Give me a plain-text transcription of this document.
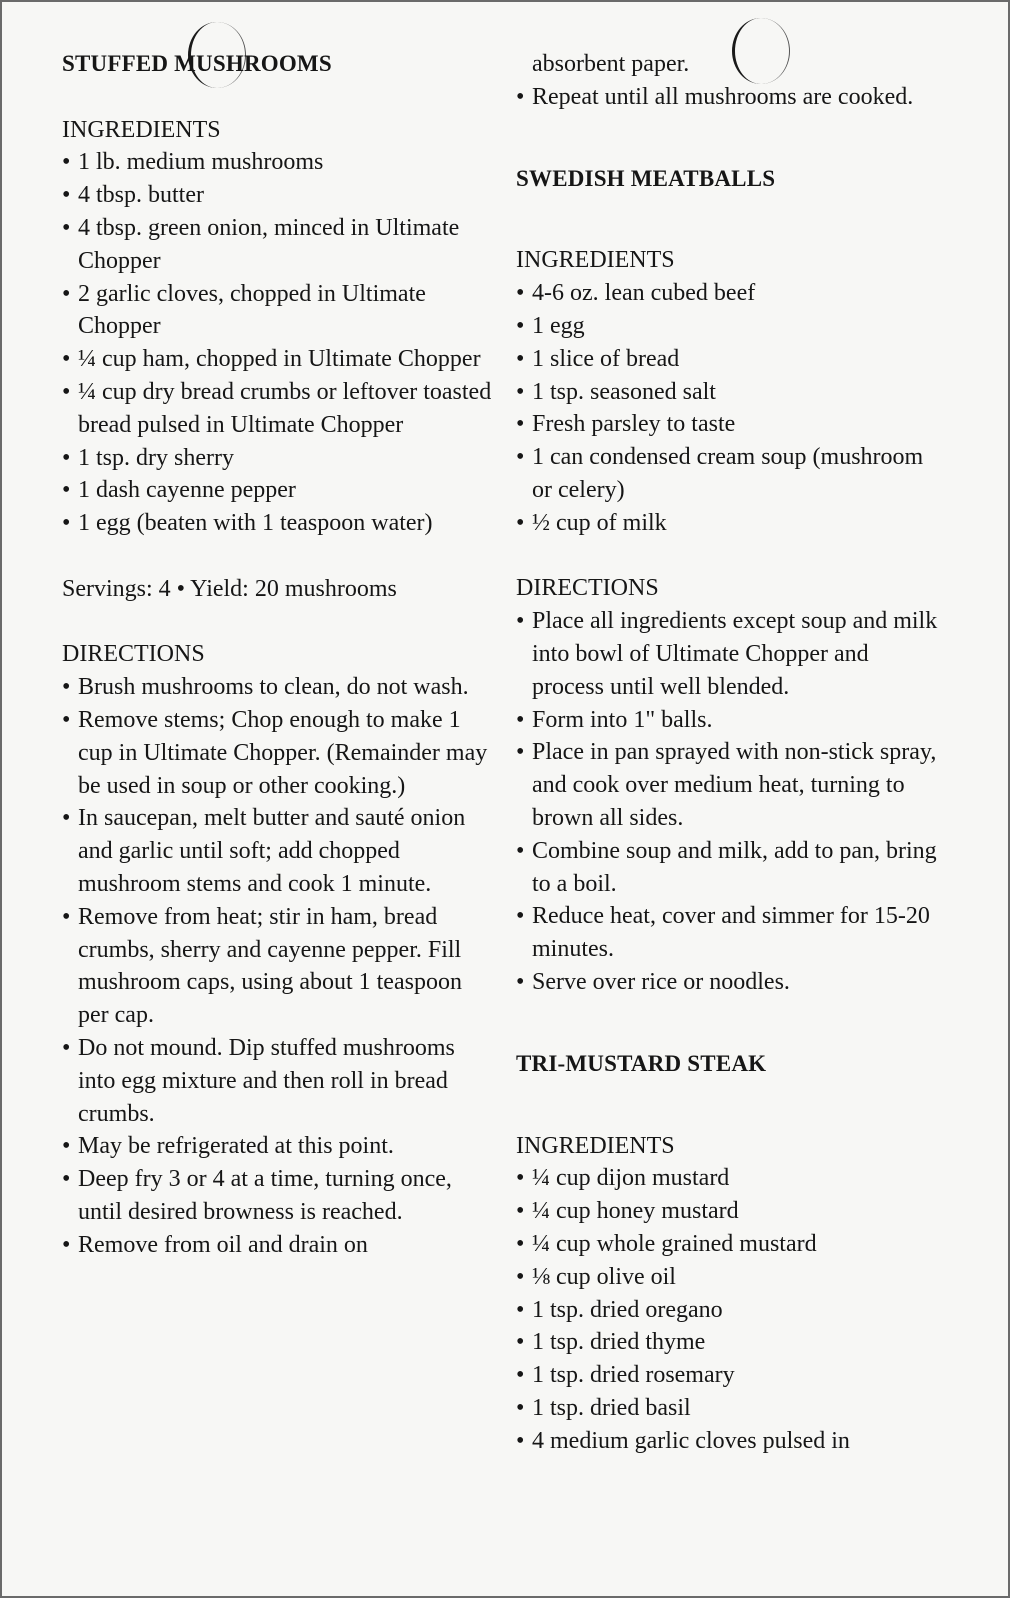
STUFFED MUSHROOMS

INGREDIENTS

• 1 lb. medium mushrooms
• 4 tbsp. butter
• 4 tbsp. green onion, minced in Ultimate Chopper
• 2 garlic cloves, chopped in Ultimate Chopper
• ¼ cup ham, chopped in Ultimate Chopper
• ¼ cup dry bread crumbs or leftover toasted bread pulsed in Ultimate Chopper
• 1 tsp. dry sherry
• 1 dash cayenne pepper
• 1 egg (beaten with 1 teaspoon water)

Servings: 4 • Yield: 20 mushrooms

DIRECTIONS

• Brush mushrooms to clean, do not wash.
• Remove stems; Chop enough to make 1 cup in Ultimate Chopper. (Remainder may be used in soup or other cooking.)
• In saucepan, melt butter and sauté onion and garlic until soft; add chopped mushroom stems and cook 1 minute.
• Remove from heat; stir in ham, bread crumbs, sherry and cayenne pepper. Fill mushroom caps, using about 1 teaspoon per cap.
• Do not mound. Dip stuffed mushrooms into egg mixture and then roll in bread crumbs.
• May be refrigerated at this point.
• Deep fry 3 or 4 at a time, turning once, until desired browness is reached.
• Remove from oil and drain on

absorbent paper.

• Repeat until all mushrooms are cooked.
SWEDISH MEATBALLS

INGREDIENTS

• 4-6 oz. lean cubed beef
• 1 egg
• 1 slice of bread
• 1 tsp. seasoned salt
• Fresh parsley to taste
• 1 can condensed cream soup (mushroom or celery)
• ½ cup of milk

DIRECTIONS

• Place all ingredients except soup and milk into bowl of Ultimate Chopper and process until well blended.
• Form into 1" balls.
• Place in pan sprayed with non-stick spray, and cook over medium heat, turning to brown all sides.
• Combine soup and milk, add to pan, bring to a boil.
• Reduce heat, cover and simmer for 15-20 minutes.
• Serve over rice or noodles.
TRI-MUSTARD STEAK

INGREDIENTS

• ¼ cup dijon mustard
• ¼ cup honey mustard
• ¼ cup whole grained mustard
• ⅛ cup olive oil
• 1 tsp. dried oregano
• 1 tsp. dried thyme
• 1 tsp. dried rosemary
• 1 tsp. dried basil
• 4 medium garlic cloves pulsed in
